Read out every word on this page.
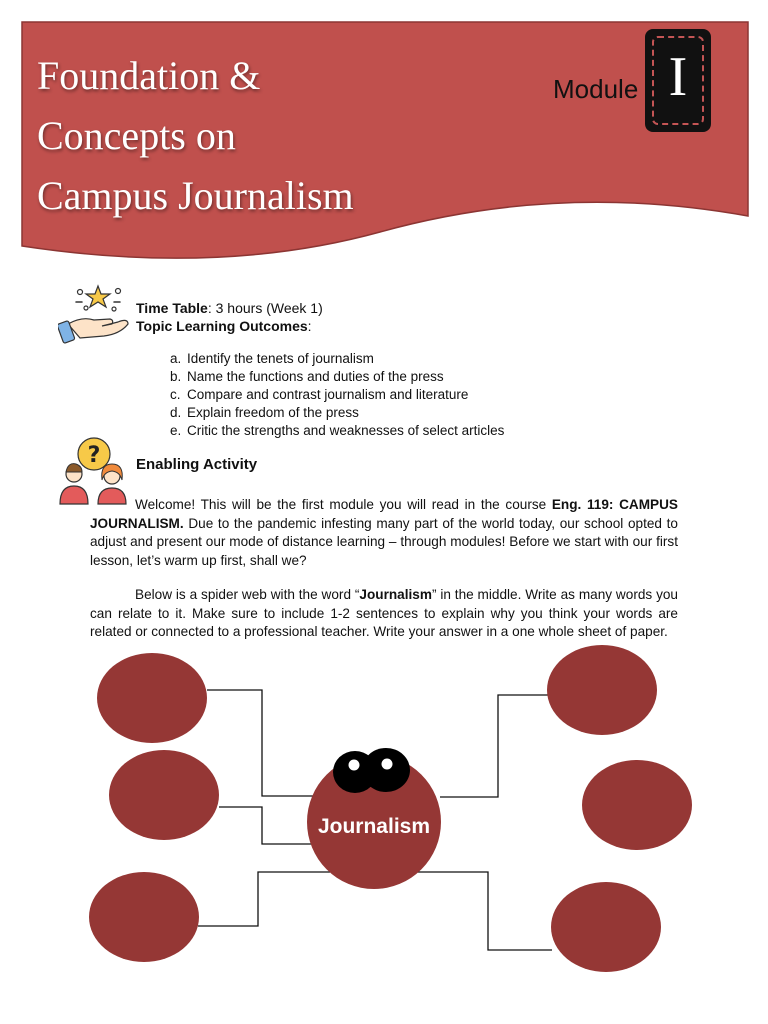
Foundation &
Concepts on
Campus Journalism
Module I
Time Table: 3 hours (Week 1)
Topic Learning Outcomes:
a. Identify the tenets of journalism
b. Name the functions and duties of the press
c. Compare and contrast journalism and literature
d. Explain freedom of the press
e. Critic the strengths and weaknesses of select articles
? Enabling Activity

Welcome! This will be the first module you will read in the course Eng. 119: CAMPUS JOURNALISM. Due to the pandemic infesting many part of the world today, our school opted to adjust and present our mode of distance learning – through modules! Before we start with our first lesson, let’s warm up first, shall we?

Below is a spider web with the word “Journalism” in the middle. Write as many words you can relate to it. Make sure to include 1-2 sentences to explain why you think your words are related or connected to a professional teacher. Write your answer in a one whole sheet of paper.

Journalism
